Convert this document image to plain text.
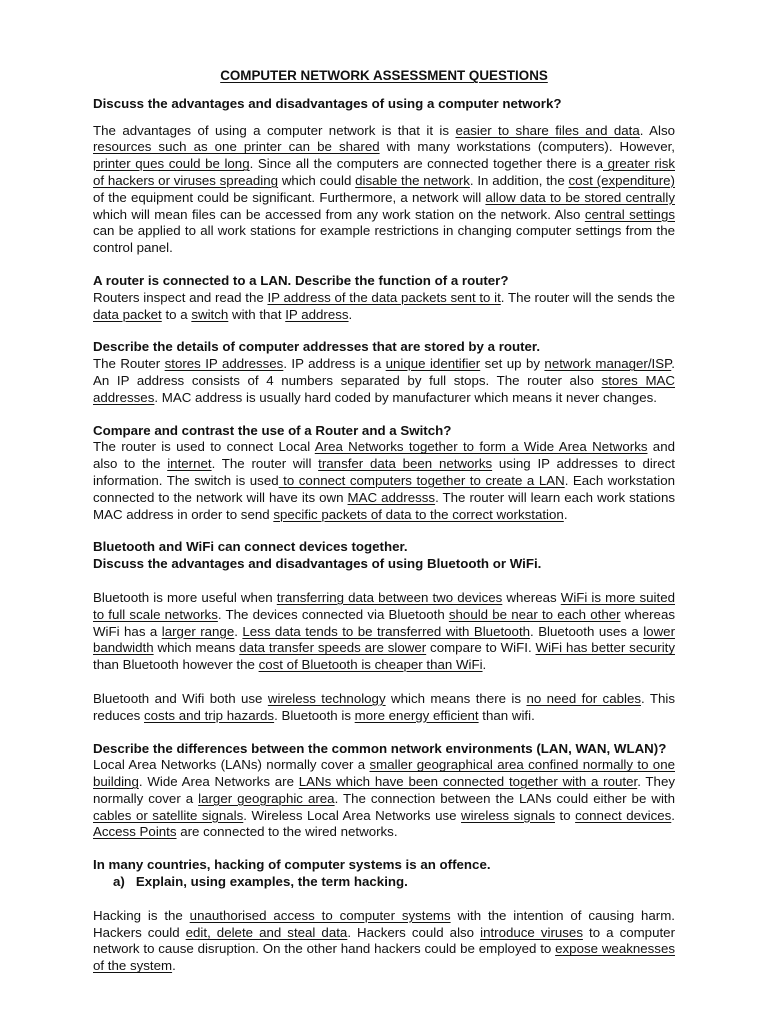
COMPUTER NETWORK ASSESSMENT QUESTIONS
Discuss the advantages and disadvantages of using a computer network?
The advantages of using a computer network is that it is easier to share files and data. Also resources such as one printer can be shared with many workstations (computers). However, printer ques could be long. Since all the computers are connected together there is a greater risk of hackers or viruses spreading which could disable the network. In addition, the cost (expenditure) of the equipment could be significant. Furthermore, a network will allow data to be stored centrally which will mean files can be accessed from any work station on the network. Also central settings can be applied to all work stations for example restrictions in changing computer settings from the control panel.
A router is connected to a LAN. Describe the function of a router?
Routers inspect and read the IP address of the data packets sent to it. The router will the sends the data packet to a switch with that IP address.
Describe the details of computer addresses that are stored by a router.
The Router stores IP addresses. IP address is a unique identifier set up by network manager/ISP. An IP address consists of 4 numbers separated by full stops. The router also stores MAC addresses. MAC address is usually hard coded by manufacturer which means it never changes.
Compare and contrast the use of a Router and a Switch?
The router is used to connect Local Area Networks together to form a Wide Area Networks and also to the internet. The router will transfer data been networks using IP addresses to direct information. The switch is used to connect computers together to create a LAN. Each workstation connected to the network will have its own MAC addresss. The router will learn each work stations MAC address in order to send specific packets of data to the correct workstation.
Bluetooth and WiFi can connect devices together.
Discuss the advantages and disadvantages of using Bluetooth or WiFi.
Bluetooth is more useful when transferring data between two devices whereas WiFi is more suited to full scale networks. The devices connected via Bluetooth should be near to each other whereas WiFi has a larger range. Less data tends to be transferred with Bluetooth. Bluetooth uses a lower bandwidth which means data transfer speeds are slower compare to WiFI. WiFi has better security than Bluetooth however the cost of Bluetooth is cheaper than WiFi.
Bluetooth and Wifi both use wireless technology which means there is no need for cables. This reduces costs and trip hazards. Bluetooth is more energy efficient than wifi.
Describe the differences between the common network environments (LAN, WAN, WLAN)?
Local Area Networks (LANs) normally cover a smaller geographical area confined normally to one building. Wide Area Networks are LANs which have been connected together with a router. They normally cover a larger geographic area. The connection between the LANs could either be with cables or satellite signals. Wireless Local Area Networks use wireless signals to connect devices. Access Points are connected to the wired networks.
In many countries, hacking of computer systems is an offence.
a)   Explain, using examples, the term hacking.
Hacking is the unauthorised access to computer systems with the intention of causing harm. Hackers could edit, delete and steal data. Hackers could also introduce viruses to a computer network to cause disruption. On the other hand hackers could be employed to expose weaknesses of the system.
